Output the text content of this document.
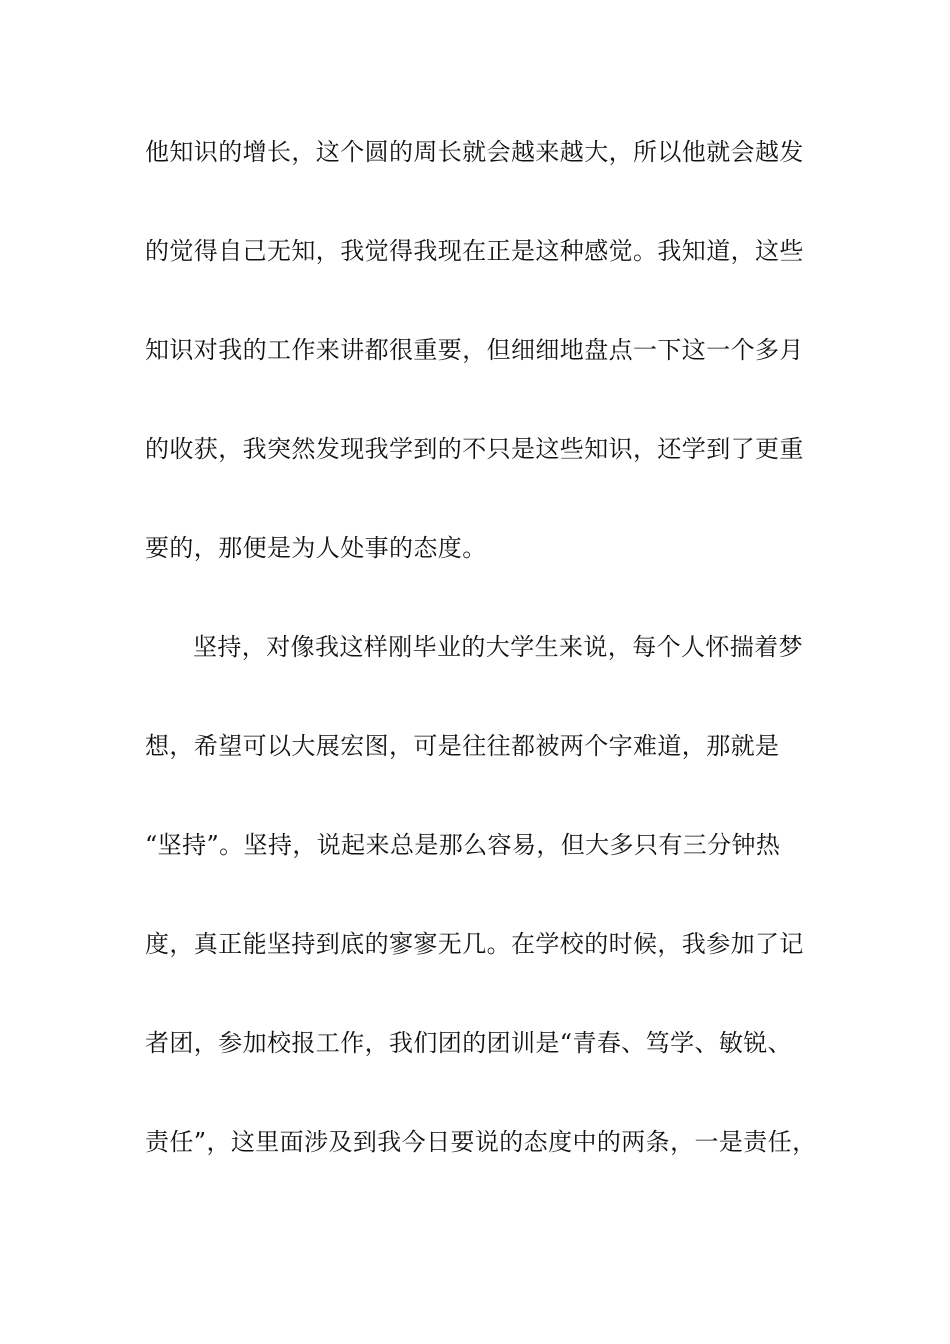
他知识的增长，这个圆的周长就会越来越大，所以他就会越发
的觉得自己无知，我觉得我现在正是这种感觉。我知道，这些
知识对我的工作来讲都很重要，但细细地盘点一下这一个多月
的收获，我突然发现我学到的不只是这些知识，还学到了更重
要的，那便是为人处事的态度。
坚持，对像我这样刚毕业的大学生来说，每个人怀揣着梦
想，希望可以大展宏图，可是往往都被两个字难道，那就是
“坚持”。坚持，说起来总是那么容易，但大多只有三分钟热
度，真正能坚持到底的寥寥无几。在学校的时候，我参加了记
者团，参加校报工作，我们团的团训是“青春、笃学、敏锐、
责任”，这里面涉及到我今日要说的态度中的两条，一是责任，
